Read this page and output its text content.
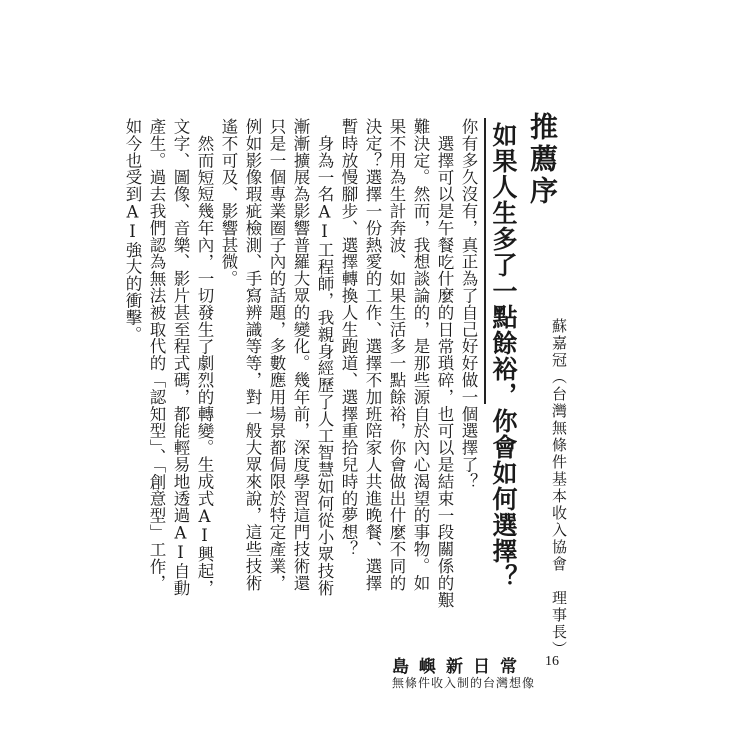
推薦序
如果人生多了一點餘裕，你會如何選擇？ 蘇嘉冠（台灣無條件基本收入協會　理事長）
你有多久沒有，真正為了自己好好做一個選擇了？
選擇可以是午餐吃什麼的日常瑣碎，也可以是結束一段關係的艱難決定。然而，我想談論的，是那些源自於內心渴望的事物。如果不用為生計奔波、如果生活多一點餘裕，你會做出什麼不同的決定？選擇一份熱愛的工作、選擇不加班陪家人共進晚餐、選擇暫時放慢腳步、選擇轉換人生跑道、選擇重拾兒時的夢想？
身為一名AI工程師，我親身經歷了人工智慧如何從小眾技術漸漸擴展為影響普羅大眾的變化。幾年前，深度學習這門技術還只是一個專業圈子內的話題，多數應用場景都侷限於特定產業，例如影像瑕疵檢測、手寫辨識等等，對一般大眾來說，這些技術遙不可及、影響甚微。
然而短短幾年內，一切發生了劇烈的轉變。生成式AI興起，文字、圖像、音樂、影片甚至程式碼，都能輕易地透過AI自動產生。過去我們認為無法被取代的「認知型」、「創意型」工作，如今也受到AI強大的衝擊。
島嶼新日常 16
無條件收入制的台灣想像
